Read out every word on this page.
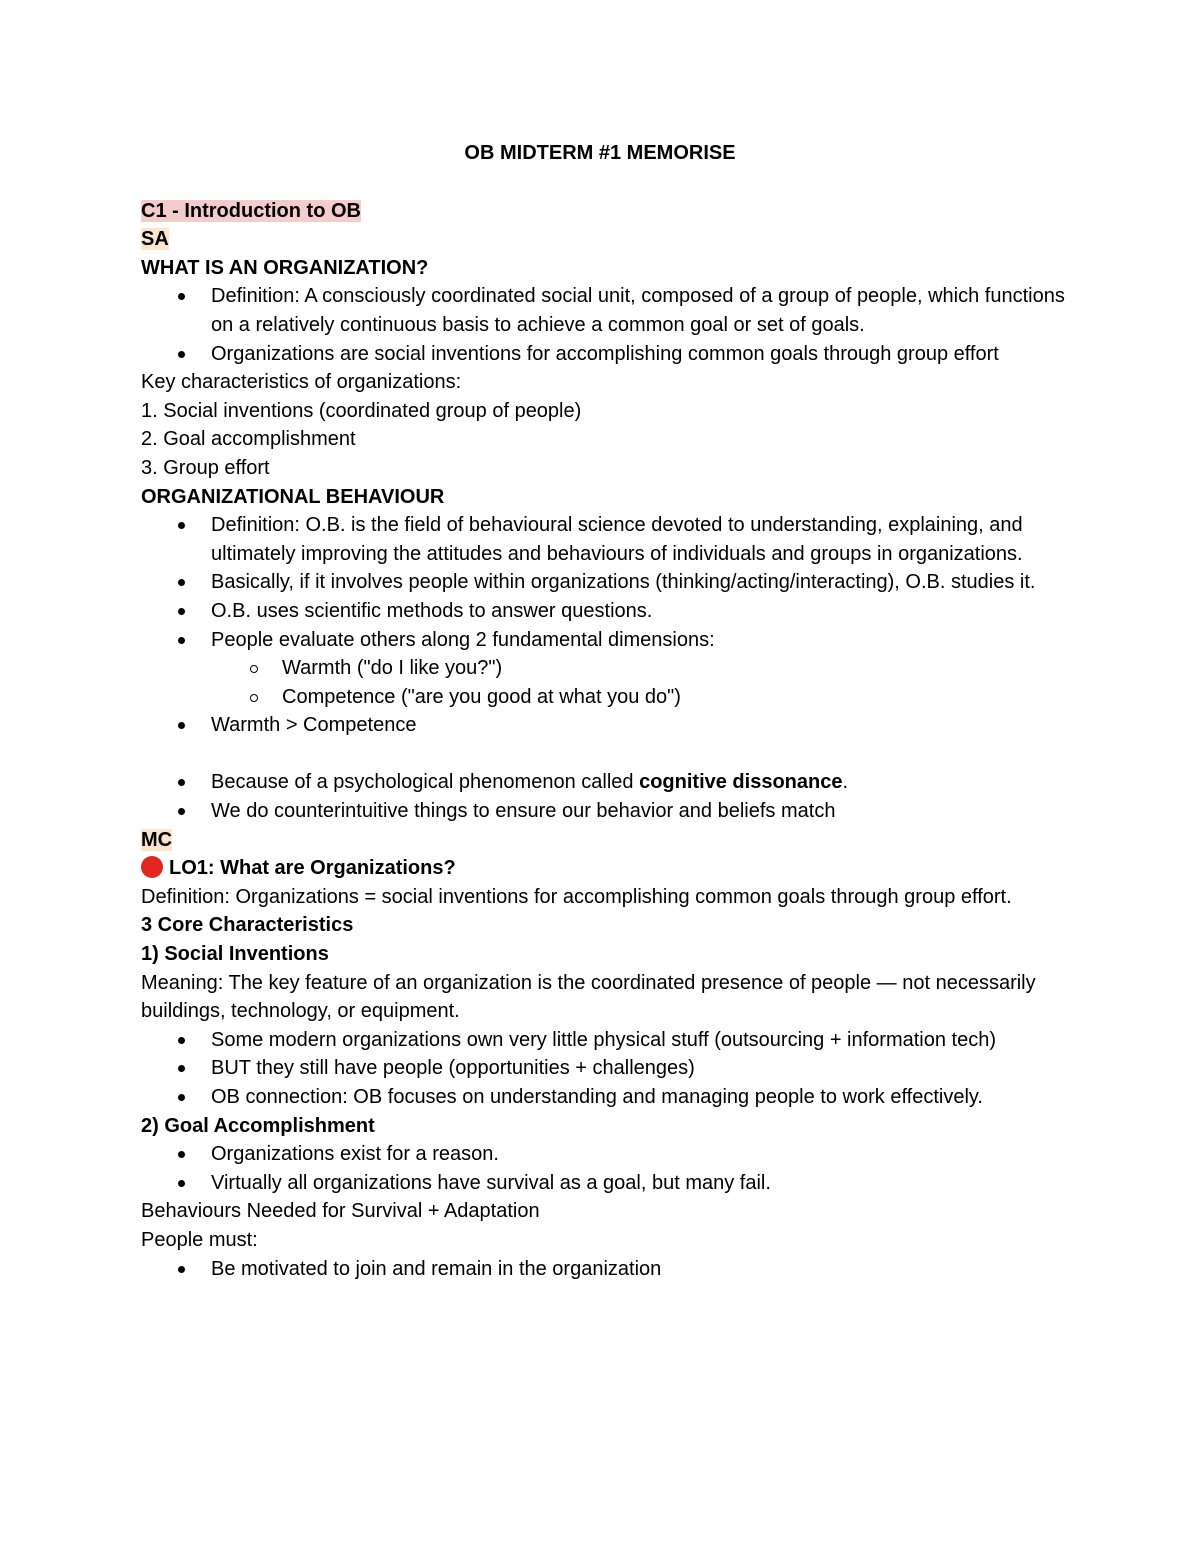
OB MIDTERM #1 MEMORISE
C1 - Introduction to OB
SA
WHAT IS AN ORGANIZATION?
Definition: A consciously coordinated social unit, composed of a group of people, which functions on a relatively continuous basis to achieve a common goal or set of goals.
Organizations are social inventions for accomplishing common goals through group effort
Key characteristics of organizations:
1. Social inventions (coordinated group of people)
2. Goal accomplishment
3. Group effort
ORGANIZATIONAL BEHAVIOUR
Definition: O.B. is the field of behavioural science devoted to understanding, explaining, and ultimately improving the attitudes and behaviours of individuals and groups in organizations.
Basically, if it involves people within organizations (thinking/acting/interacting), O.B. studies it.
O.B. uses scientific methods to answer questions.
People evaluate others along 2 fundamental dimensions:
Warmth ("do I like you?")
Competence ("are you good at what you do")
Warmth > Competence
Because of a psychological phenomenon called cognitive dissonance.
We do counterintuitive things to ensure our behavior and beliefs match
MC
LO1: What are Organizations?
Definition: Organizations = social inventions for accomplishing common goals through group effort.
3 Core Characteristics
1) Social Inventions
Meaning: The key feature of an organization is the coordinated presence of people — not necessarily buildings, technology, or equipment.
Some modern organizations own very little physical stuff (outsourcing + information tech)
BUT they still have people (opportunities + challenges)
OB connection: OB focuses on understanding and managing people to work effectively.
2) Goal Accomplishment
Organizations exist for a reason.
Virtually all organizations have survival as a goal, but many fail.
Behaviours Needed for Survival + Adaptation
People must:
Be motivated to join and remain in the organization
